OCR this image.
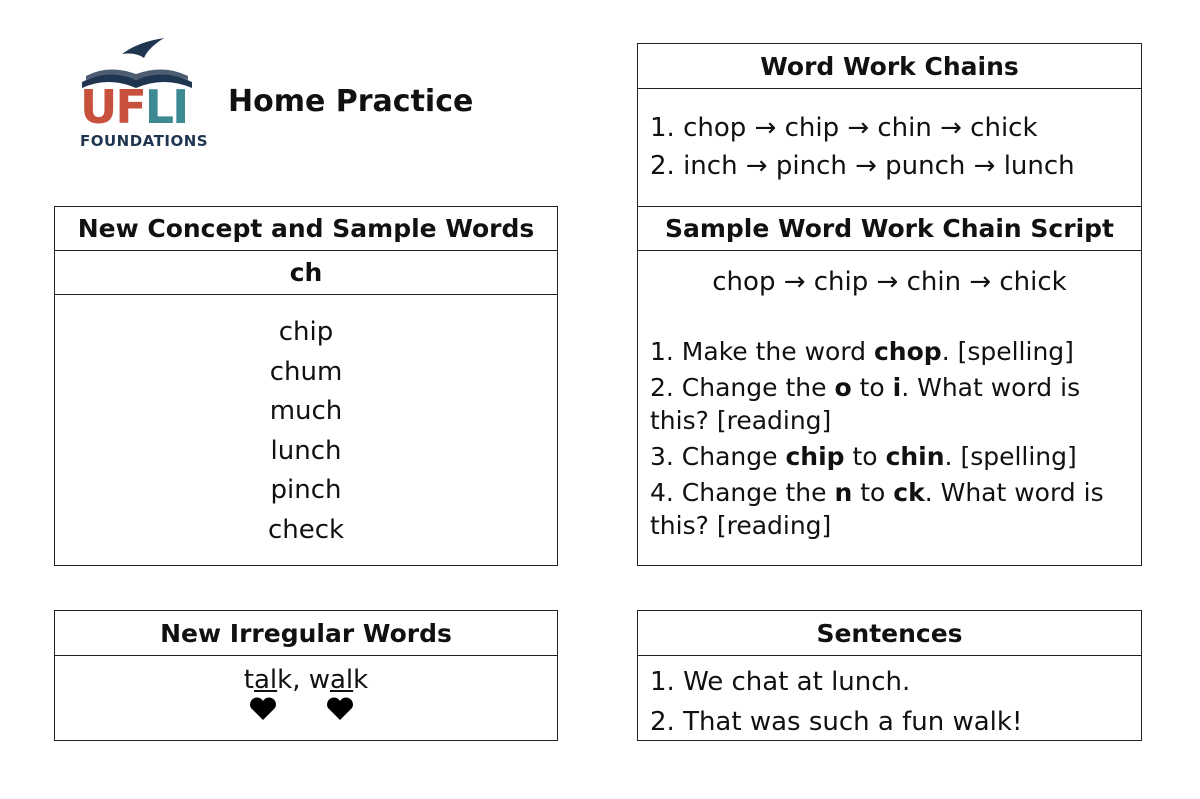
UFLI
FOUNDATIONS
Home Practice
New Concept and Sample Words
ch
chip
chum
much
lunch
pinch
check
New Irregular Words
talk, walk
Word Work Chains
1. chop → chip → chin → chick
2. inch → pinch → punch → lunch
Sample Word Work Chain Script
chop → chip → chin → chick
1. Make the word chop. [spelling]
2. Change the o to i. What word is this? [reading]
3. Change chip to chin. [spelling]
4. Change the n to ck. What word is this? [reading]
Sentences
1. We chat at lunch.
2. That was such a fun walk!
